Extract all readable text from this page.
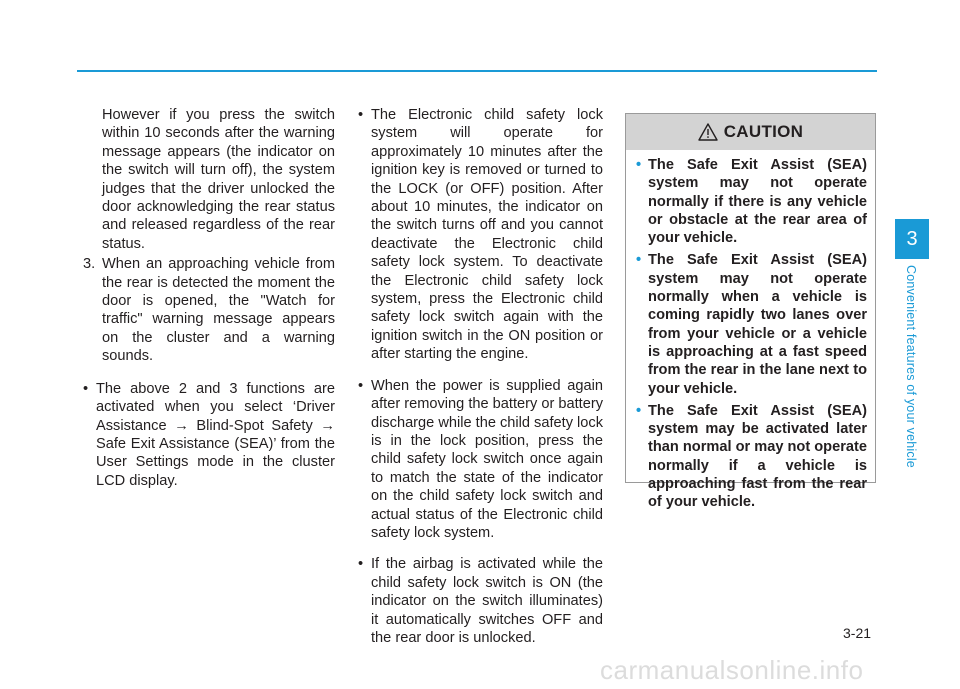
However if you press the switch within 10 seconds after the warning message appears (the indicator on the switch will turn off), the system judges that the driver unlocked the door acknowledging the rear status and released regardless of the rear status.
3. When an approaching vehicle from the rear is detected the moment the door is opened, the "Watch for traffic" warning message appears on the cluster and a warning sounds.
• The above 2 and 3 functions are activated when you select ‘Driver Assistance → Blind-Spot Safety → Safe Exit Assistance (SEA)’ from the User Settings mode in the cluster LCD display.
• The Electronic child safety lock system will operate for approximately 10 minutes after the ignition key is removed or turned to the LOCK (or OFF) position. After about 10 minutes, the indicator on the switch turns off and you cannot deactivate the Electronic child safety lock system. To deactivate the Electronic child safety lock system, press the Electronic child safety lock switch again with the ignition switch in the ON position or after starting the engine.
• When the power is supplied again after removing the battery or battery discharge while the child safety lock is in the lock position, press the child safety lock switch once again to match the state of the indicator on the child safety lock switch and actual status of the Electronic child safety lock system.
• If the airbag is activated while the child safety lock switch is ON (the indicator on the switch illuminates) it automatically switches OFF and the rear door is unlocked.
CAUTION
• The Safe Exit Assist (SEA) system may not operate normally if there is any vehicle or obstacle at the rear area of your vehicle.
• The Safe Exit Assist (SEA) system may not operate normally when a vehicle is coming rapidly two lanes over from your vehicle or a vehicle is approaching at a fast speed from the rear in the lane next to your vehicle.
• The Safe Exit Assist (SEA) system may be activated later than normal or may not operate normally if a vehicle is approaching fast from the rear of your vehicle.
3
Convenient features of your vehicle
3-21
carmanualsonline.info
